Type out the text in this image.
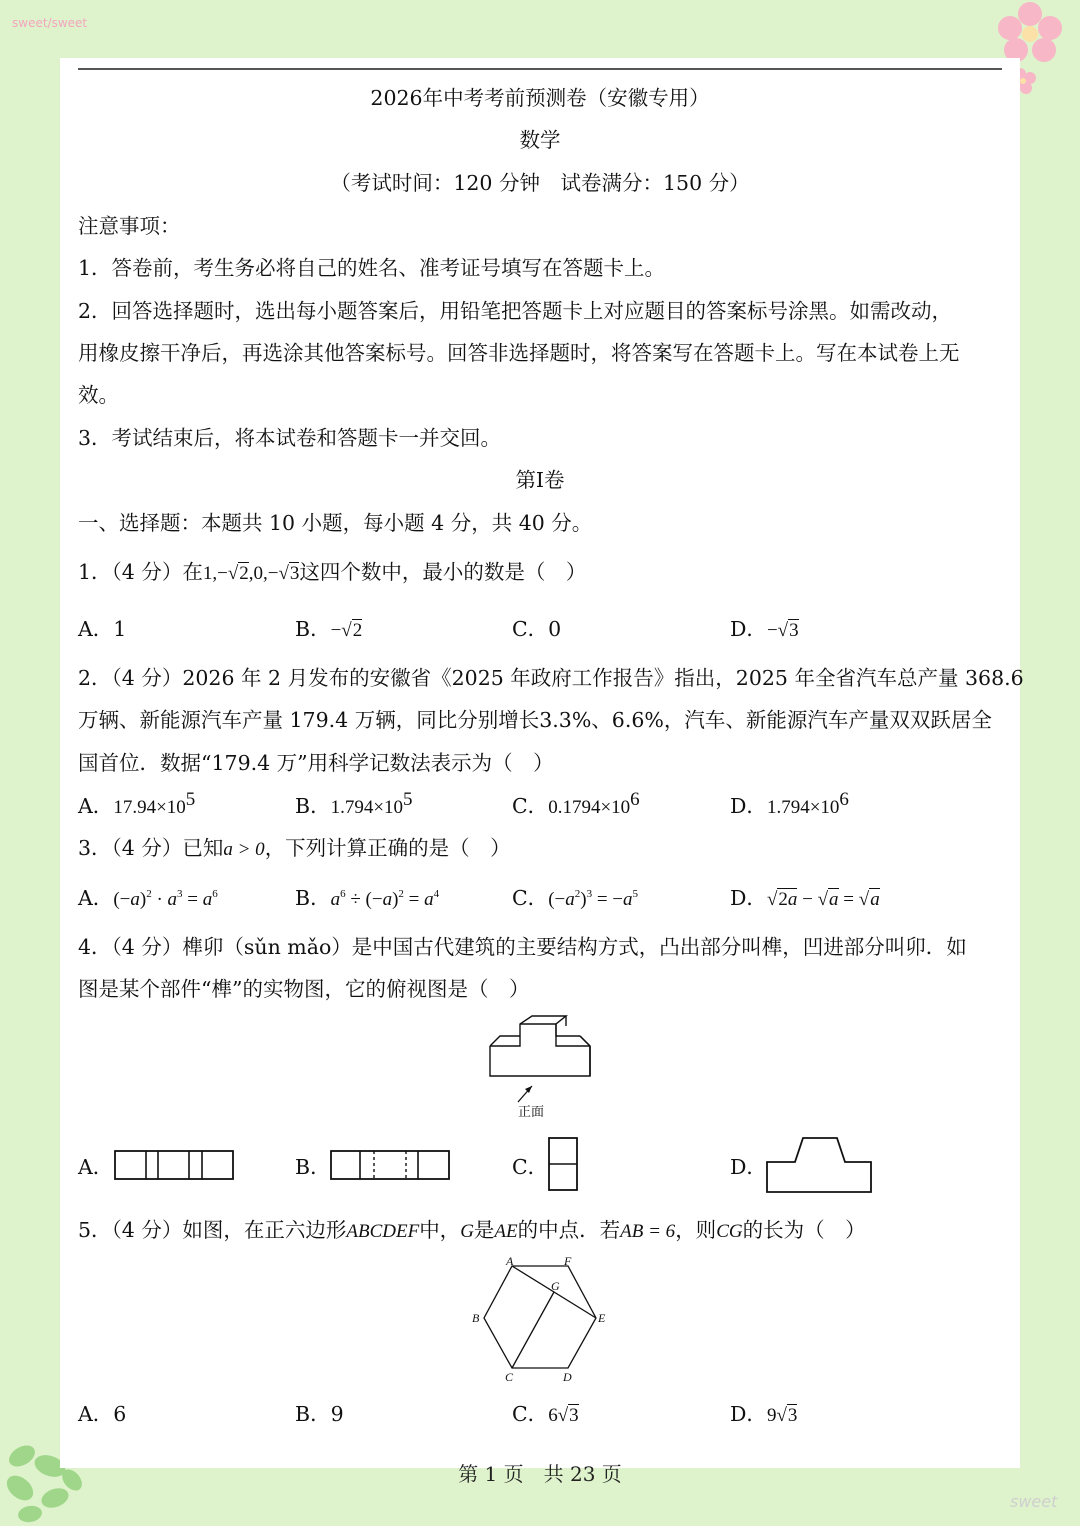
sweet/sweet
sweet
2026年中考考前预测卷（安徽专用）
数学
（考试时间：120 分钟　试卷满分：150 分）
注意事项：
1．答卷前，考生务必将自己的姓名、准考证号填写在答题卡上。
2．回答选择题时，选出每小题答案后，用铅笔把答题卡上对应题目的答案标号涂黑。如需改动，
用橡皮擦干净后，再选涂其他答案标号。回答非选择题时，将答案写在答题卡上。写在本试卷上无
效。
3．考试结束后，将本试卷和答题卡一并交回。
第Ⅰ卷
一、选择题：本题共 10 小题，每小题 4 分，共 40 分。
1．（4 分）在1,−√2,0,−√3这四个数中，最小的数是（　）
A．1	B．−√2	C．0	D．−√3
2．（4 分）2026 年 2 月发布的安徽省《2025 年政府工作报告》指出，2025 年全省汽车总产量 368.6
万辆、新能源汽车产量 179.4 万辆，同比分别增长3.3%、6.6%，汽车、新能源汽车产量双双跃居全
国首位．数据“179.4 万”用科学记数法表示为（　）
A．$17.94\times 10^5$	B．$1.794\times 10^5$	C．$0.1794\times 10^6$	D．$1.794\times 10^6$
3．（4 分）已知a > 0，下列计算正确的是（　）
A．$(-a)^2 \cdot a^3 = a^6$	B．$a^6 \div (-a)^2 = a^4$	C．$(-a^2)^3 = -a^5$	D．√2a − √a = √a
4．（4 分）榫卯（sǔn mǎo）是中国古代建筑的主要结构方式，凸出部分叫榫，凹进部分叫卯．如
图是某个部件“榫”的实物图，它的俯视图是（　）
正面
A．	B．	C．	D．
5．（4 分）如图，在正六边形ABCDEF中，G是AE的中点．若AB = 6，则CG的长为（　）
A	F
G
B	E
C	D
A．6	B．9	C．6√3	D．9√3
第 1 页　共 23 页
